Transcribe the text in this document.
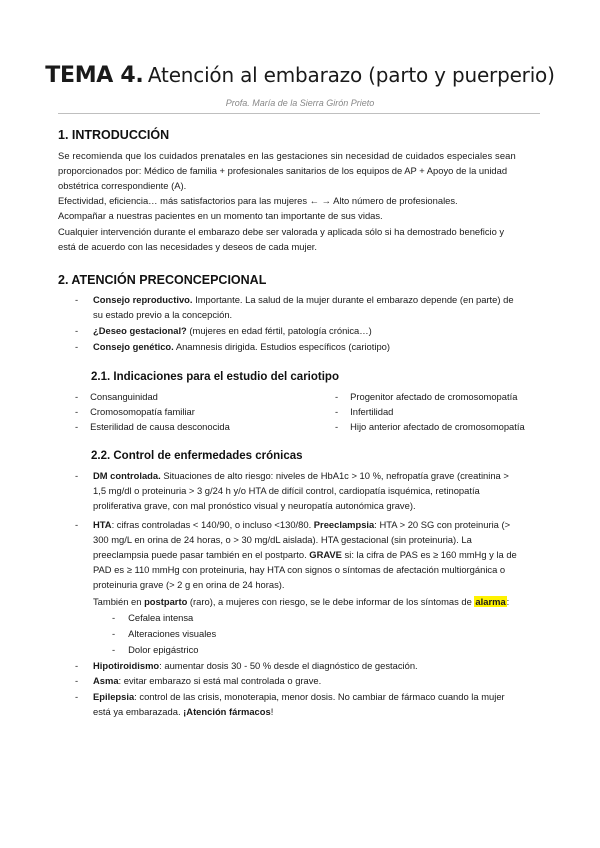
TEMA 4. Atención al embarazo (parto y puerperio)
Profa. María de la Sierra Girón Prieto
1. INTRODUCCIÓN
Se recomienda que los cuidados prenatales en las gestaciones sin necesidad de cuidados especiales sean
proporcionados por: Médico de familia + profesionales sanitarios de los equipos de AP + Apoyo de la unidad
obstétrica correspondiente (A).
Efectividad, eficiencia… más satisfactorios para las mujeres ← → Alto número de profesionales.
Acompañar a nuestras pacientes en un momento tan importante de sus vidas.
Cualquier intervención durante el embarazo debe ser valorada y aplicada sólo si ha demostrado beneficio y
está de acuerdo con las necesidades y deseos de cada mujer.
2. ATENCIÓN PRECONCEPCIONAL
- Consejo reproductivo. Importante. La salud de la mujer durante el embarazo depende (en parte) de
su estado previo a la concepción.
- ¿Deseo gestacional? (mujeres en edad fértil, patología crónica…)
- Consejo genético. Anamnesis dirigida. Estudios específicos (cariotipo)
2.1. Indicaciones para el estudio del cariotipo
- Consanguinidad
- Cromosomopatía familiar
- Esterilidad de causa desconocida
- Progenitor afectado de cromosomopatía
- Infertilidad
- Hijo anterior afectado de cromosomopatía
2.2. Control de enfermedades crónicas
- DM controlada. Situaciones de alto riesgo: niveles de HbA1c > 10 %, nefropatía grave (creatinina >
1,5 mg/dl o proteinuria > 3 g/24 h y/o HTA de difícil control, cardiopatía isquémica, retinopatía
proliferativa grave, con mal pronóstico visual y neuropatía autonómica grave).
- HTA: cifras controladas < 140/90, o incluso <130/80. Preeclampsia: HTA > 20 SG con proteinuria (>
300 mg/L en orina de 24 horas, o > 30 mg/dL aislada). HTA gestacional (sin proteinuria). La
preeclampsia puede pasar también en el postparto. GRAVE si: la cifra de PAS es ≥ 160 mmHg y la de
PAD es ≥ 110 mmHg con proteinuria, hay HTA con signos o síntomas de afectación multiorgánica o
proteinuria grave (> 2 g en orina de 24 horas).
También en postparto (raro), a mujeres con riesgo, se le debe informar de los síntomas de alarma:
- Cefalea intensa
- Alteraciones visuales
- Dolor epigástrico
- Hipotiroidismo: aumentar dosis 30 - 50 % desde el diagnóstico de gestación.
- Asma: evitar embarazo si está mal controlada o grave.
- Epilepsia: control de las crisis, monoterapia, menor dosis. No cambiar de fármaco cuando la mujer
está ya embarazada. ¡Atención fármacos!
